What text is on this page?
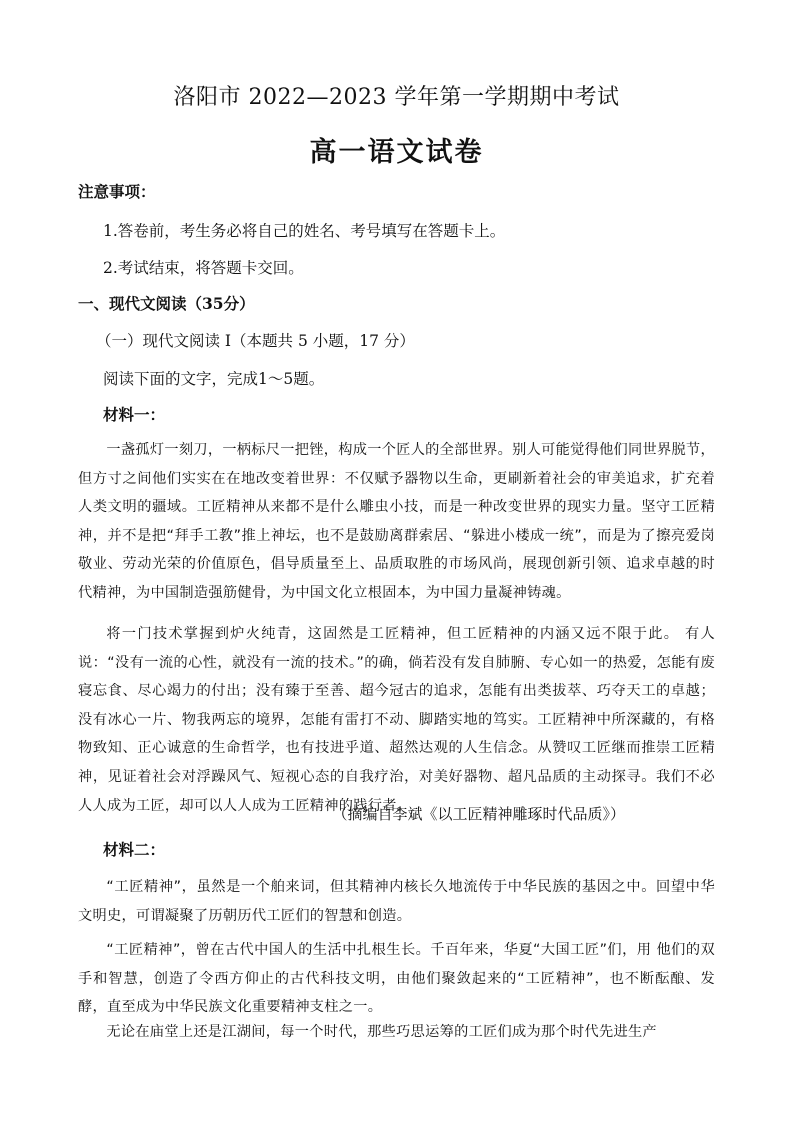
洛阳市 2022—2023 学年第一学期期中考试
高一语文试卷
注意事项：
1.答卷前，考生务必将自己的姓名、考号填写在答题卡上。
2.考试结束，将答题卡交回。
一、现代文阅读（35分）
（一）现代文阅读 I（本题共 5 小题，17 分）
阅读下面的文字，完成1～5题。
材料一：
一盏孤灯一刻刀，一柄标尺一把锉，构成一个匠人的全部世界。别人可能觉得他们同世界脱节，但方寸之间他们实实在在地改变着世界：不仅赋予器物以生命，更刷新着社会的审美追求，扩充着人类文明的疆域。工匠精神从来都不是什么雕虫小技，而是一种改变世界的现实力量。坚守工匠精神，并不是把“拜手工教”推上神坛，也不是鼓励离群索居、“躲进小楼成一统”，而是为了擦亮爱岗敬业、劳动光荣的价值原色，倡导质量至上、品质取胜的市场风尚，展现创新引领、追求卓越的时代精神，为中国制造强筋健骨，为中国文化立根固本，为中国力量凝神铸魂。
将一门技术掌握到炉火纯青，这固然是工匠精神，但工匠精神的内涵又远不限于此。 有人说：“没有一流的心性，就没有一流的技术。”的确，倘若没有发自肺腑、专心如一的热爱，怎能有废寝忘食、尽心竭力的付出；没有臻于至善、超今冠古的追求，怎能有出类拔萃、巧夺天工的卓越；没有冰心一片、物我两忘的境界，怎能有雷打不动、脚踏实地的笃实。工匠精神中所深藏的，有格物致知、正心诚意的生命哲学，也有技进乎道、超然达观的人生信念。从赞叹工匠继而推崇工匠精神，见证着社会对浮躁风气、短视心态的自我疗治，对美好器物、超凡品质的主动探寻。我们不必人人成为工匠，却可以人人成为工匠精神的践行者。
（摘编自李斌《以工匠精神雕琢时代品质》）
材料二：
“工匠精神”，虽然是一个舶来词，但其精神内核长久地流传于中华民族的基因之中。回望中华文明史，可谓凝聚了历朝历代工匠们的智慧和创造。
“工匠精神”，曾在古代中国人的生活中扎根生长。千百年来，华夏“大国工匠”们，用 他们的双手和智慧，创造了令西方仰止的古代科技文明，由他们聚敛起来的“工匠精神”，也不断酝酿、发酵，直至成为中华民族文化重要精神支柱之一。
无论在庙堂上还是江湖间，每一个时代，那些巧思运筹的工匠们成为那个时代先进生产
